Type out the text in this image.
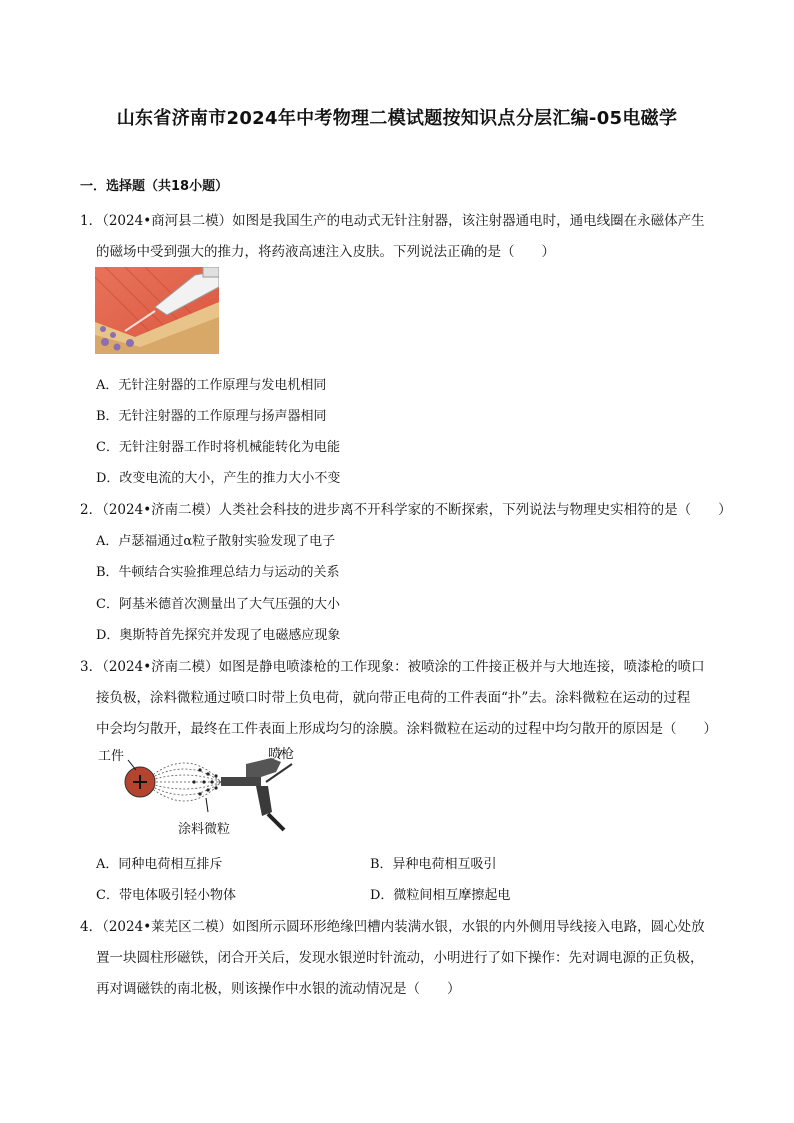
山东省济南市2024年中考物理二模试题按知识点分层汇编-05电磁学
一．选择题（共18小题）
1．（2024•商河县二模）如图是我国生产的电动式无针注射器，该注射器通电时，通电线圈在永磁体产生
的磁场中受到强大的推力，将药液高速注入皮肤。下列说法正确的是（　　）
A．无针注射器的工作原理与发电机相同
B．无针注射器的工作原理与扬声器相同
C．无针注射器工作时将机械能转化为电能
D．改变电流的大小，产生的推力大小不变
2．（2024•济南二模）人类社会科技的进步离不开科学家的不断探索，下列说法与物理史实相符的是（　　）
A．卢瑟福通过α粒子散射实验发现了电子
B．牛顿结合实验推理总结力与运动的关系
C．阿基米德首次测量出了大气压强的大小
D．奥斯特首先探究并发现了电磁感应现象
3．（2024•济南二模）如图是静电喷漆枪的工作现象：被喷涂的工件接正极并与大地连接，喷漆枪的喷口
接负极，涂料微粒通过喷口时带上负电荷，就向带正电荷的工件表面“扑”去。涂料微粒在运动的过程
中会均匀散开，最终在工件表面上形成均匀的涂膜。涂料微粒在运动的过程中均匀散开的原因是（　　）
工件	喷枪
涂料微粒
A．同种电荷相互排斥	B．异种电荷相互吸引
C．带电体吸引轻小物体	D．微粒间相互摩擦起电
4．（2024•莱芜区二模）如图所示圆环形绝缘凹槽内装满水银，水银的内外侧用导线接入电路，圆心处放
置一块圆柱形磁铁，闭合开关后，发现水银逆时针流动，小明进行了如下操作：先对调电源的正负极，
再对调磁铁的南北极，则该操作中水银的流动情况是（　　）
